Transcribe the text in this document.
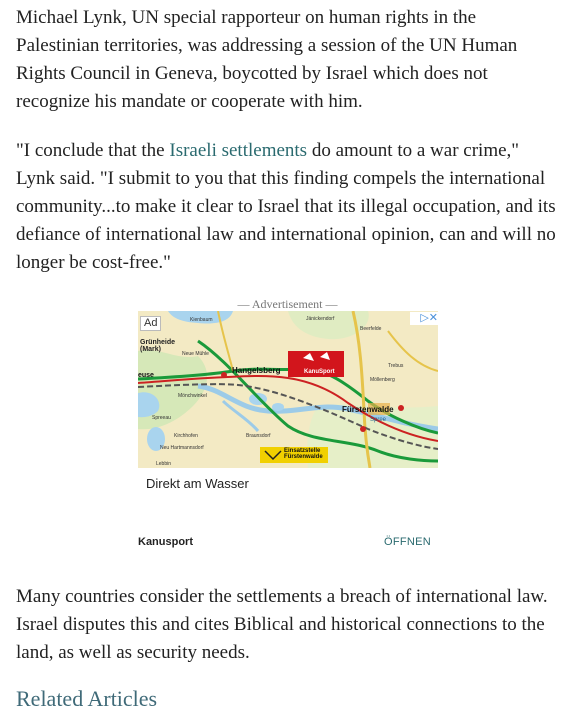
Michael Lynk, UN special rapporteur on human rights in the Palestinian territories, was addressing a session of the UN Human Rights Council in Geneva, boycotted by Israel which does not recognize his mandate or cooperate with him.

"I conclude that the Israeli settlements do amount to a war crime," Lynk said. "I submit to you that this finding compels the international community...to make it clear to Israel that its illegal occupation, and its defiance of international law and international opinion, can and will no longer be cost-free."

— Advertisement —
Grünheide
(Mark)
Hangelsberg	KanuSport
Fürstenwalde
Spree
Einsatzstelle
Fürstenwalde
euse
Kienbaum
Mönchwinkel
Jänickendorf
Beerfelde
Trebus
Möllenberg
Braunsdorf
Spreeau
Kirchhofen
Neu Hartmannsdorf
Lebbin
Neue Mühle
Ad	▷✕
Direkt am Wasser
Kanusport	ÖFFNEN

Many countries consider the settlements a breach of international law. Israel disputes this and cites Biblical and historical connections to the land, as well as security needs.

Related Articles
